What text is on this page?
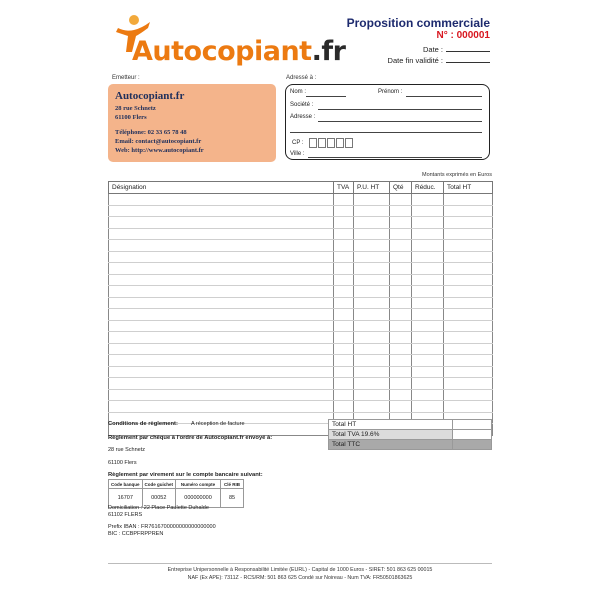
Autocopiant.fr
Proposition commerciale
N° : 000001
Date :
Date fin validité :
Emetteur :
Autocopiant.fr
28 rue Schnetz
61100 Flers
Téléphone: 02 33 65 78 48
Email: contact@autocopiant.fr
Web: http://www.autocopiant.fr
Adressé à :
Nom :	Prénom :
Société :
Adresse :
CP :
Ville :
Montants exprimés en Euros
Désignation	TVA	P.U. HT	Qté	Réduc.	Total HT

Conditions de règlement: A réception de facture
Règlement par chèque à l'ordre de Autocopiant.fr envoyé à:
28 rue Schnetz
61100 Flers
Règlement par virement sur le compte bancaire suivant:
Code banque	Code guichet	Numéro compte	Clé RIB
16707	00052	000000000	85
Domiciliation : 22 Place Paulette Duhalde
61102 FLERS
Prefix IBAN : FR7616700000000000000000
BIC : CCBPFRPPREN
Total HT	
Total TVA 19.6%	
Total TTC	
Entreprise Unipersonnelle à Responsabilité Limitée (EURL) - Capital de 1000 Euros - SIRET: 501 863 625 00015
NAF (Ex APE): 7311Z - RCS/RM: 501 863 625 Condé sur Noireau - Num TVA: FR50501863625
